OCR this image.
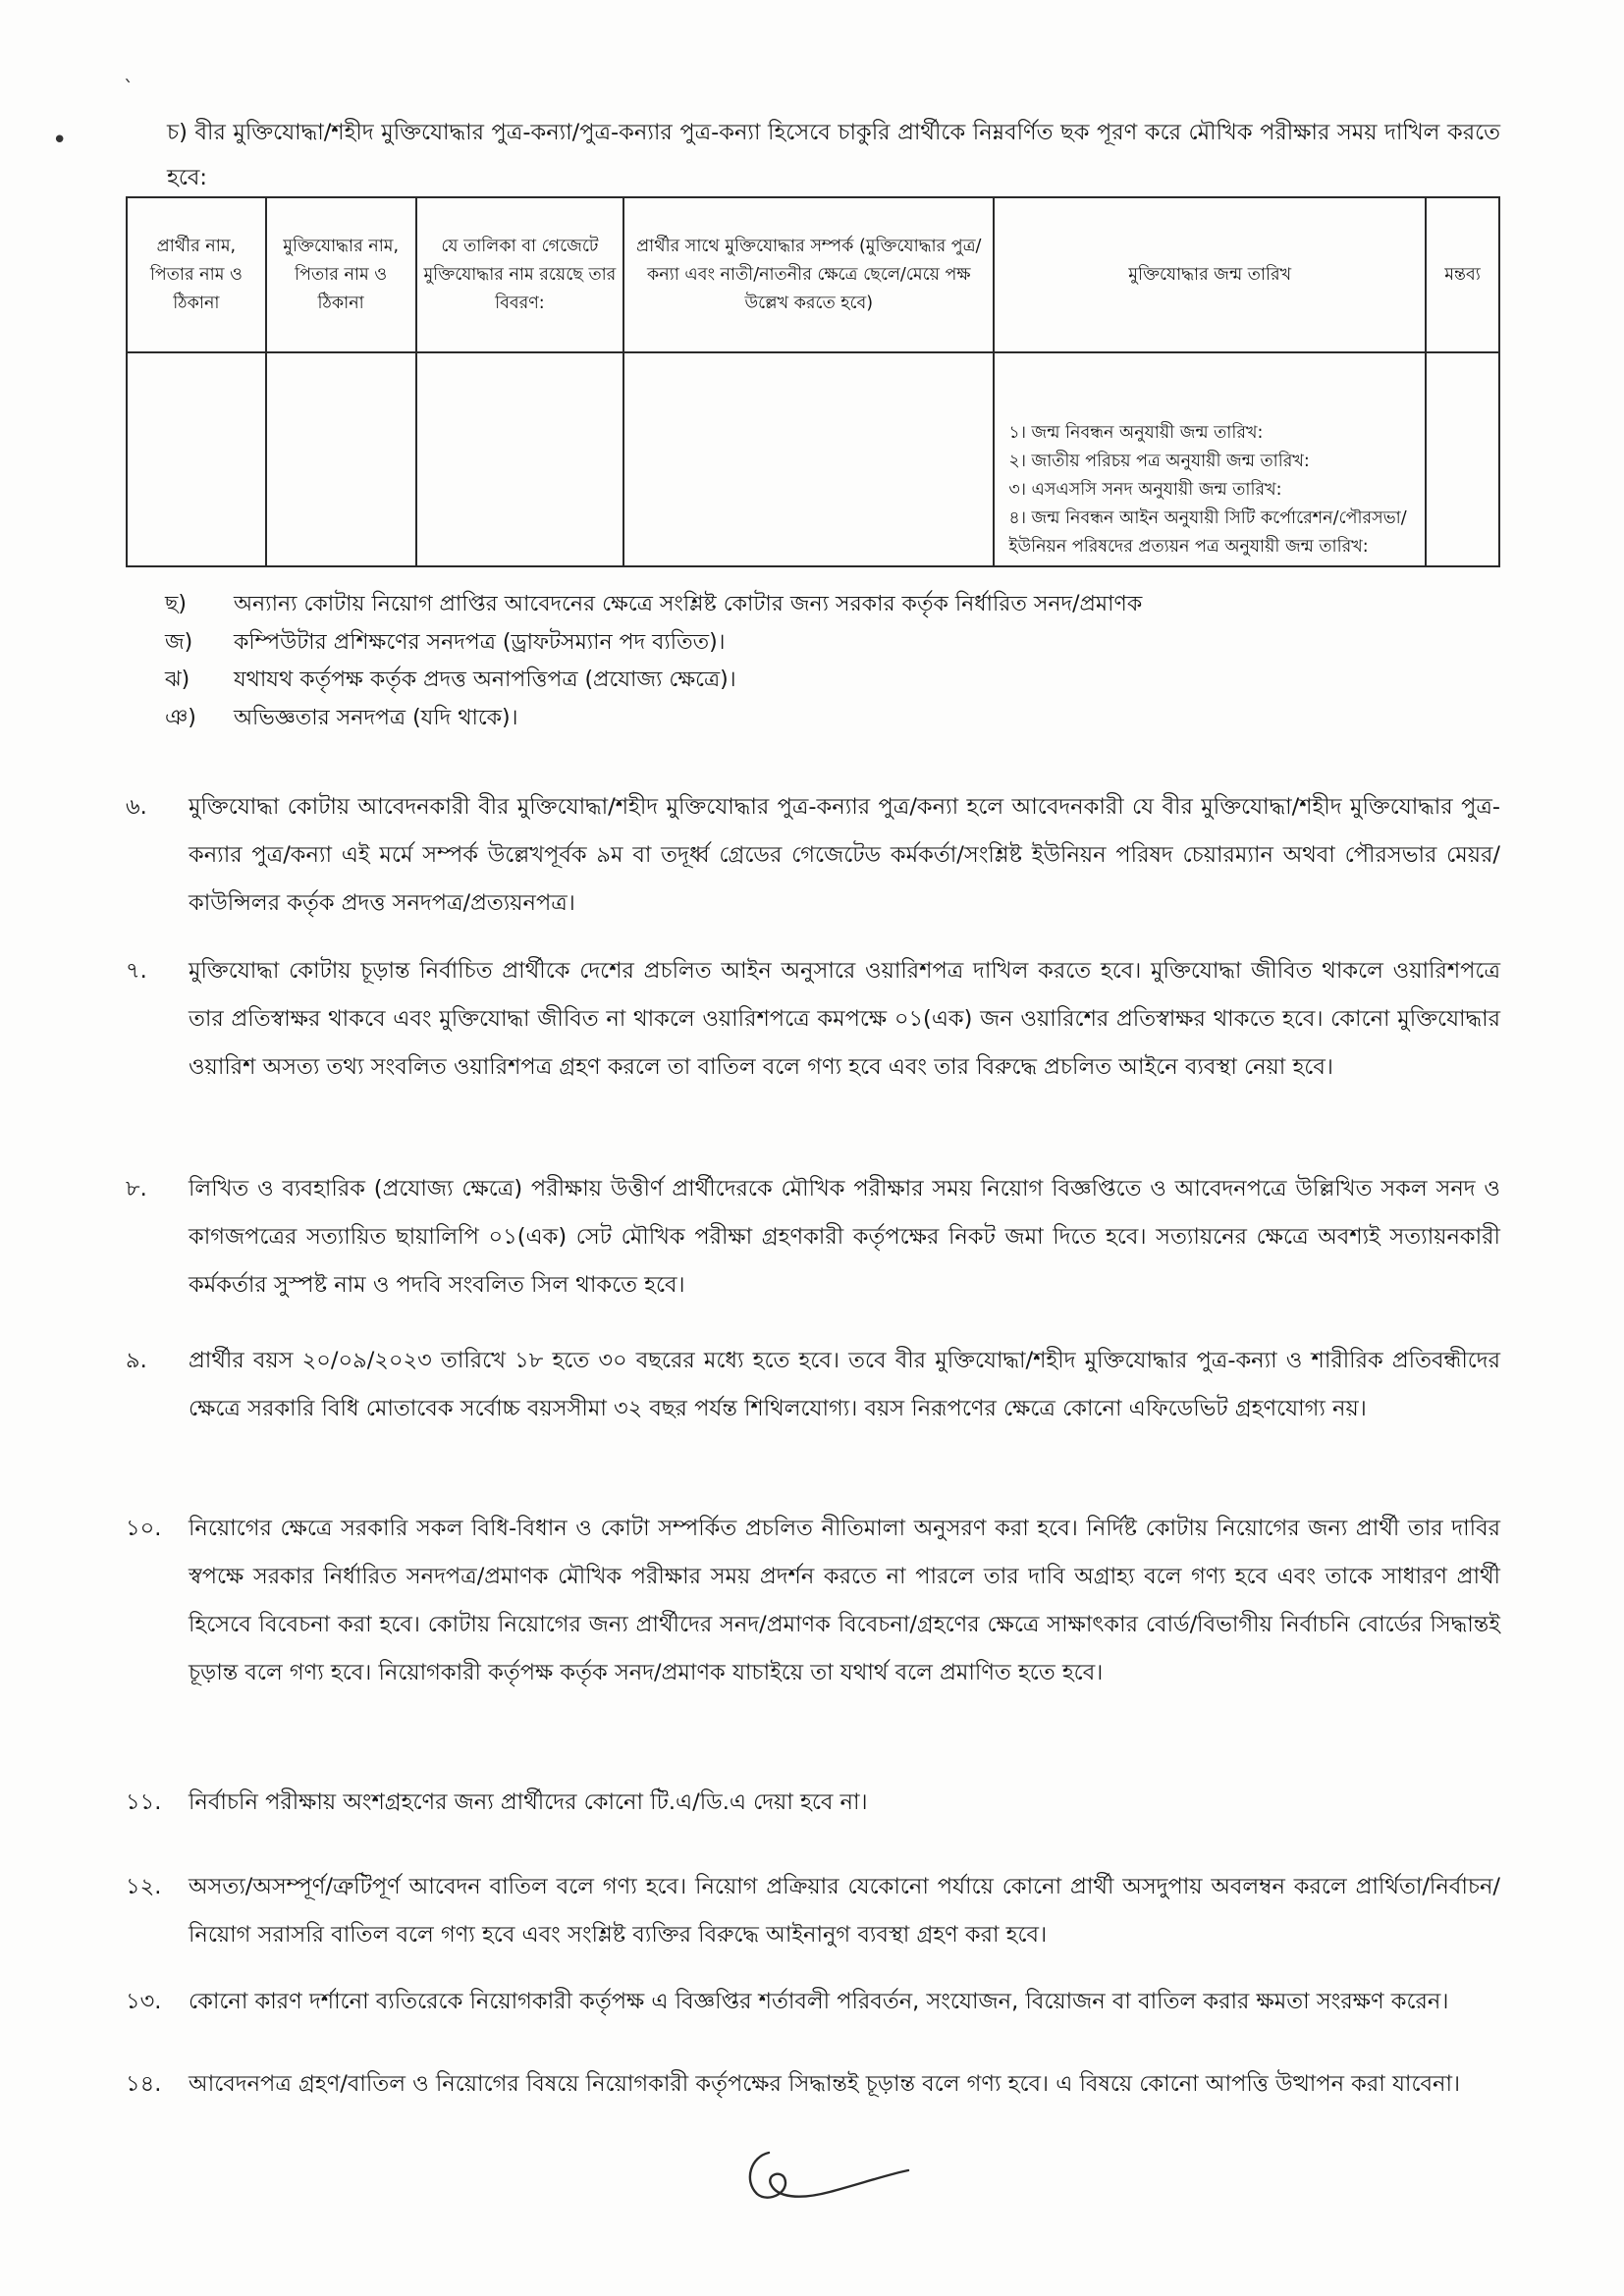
ˎ
•	চ) বীর মুক্তিযোদ্ধা/শহীদ মুক্তিযোদ্ধার পুত্র-কন্যা/পুত্র-কন্যার পুত্র-কন্যা হিসেবে চাকুরি প্রার্থীকে নিম্নবর্ণিত ছক পূরণ করে মৌখিক পরীক্ষার সময় দাখিল করতে হবে:
প্রার্থীর নাম, পিতার নাম ও ঠিকানা	মুক্তিযোদ্ধার নাম, পিতার নাম ও ঠিকানা	যে তালিকা বা গেজেটে মুক্তিযোদ্ধার নাম রয়েছে তার বিবরণ:	প্রার্থীর সাথে মুক্তিযোদ্ধার সম্পর্ক (মুক্তিযোদ্ধার পুত্র/কন্যা এবং নাতী/নাতনীর ক্ষেত্রে ছেলে/মেয়ে পক্ষ উল্লেখ করতে হবে)	মুক্তিযোদ্ধার জন্ম তারিখ	মন্তব্য

				১। জন্ম নিবন্ধন অনুযায়ী জন্ম তারিখ:
২। জাতীয় পরিচয় পত্র অনুযায়ী জন্ম তারিখ:
৩। এসএসসি সনদ অনুযায়ী জন্ম তারিখ:
৪। জন্ম নিবন্ধন আইন অনুযায়ী সিটি কর্পোরেশন/পৌরসভা/ইউনিয়ন পরিষদের প্রত্যয়ন পত্র অনুযায়ী জন্ম তারিখ:	

ছ)	অন্যান্য কোটায় নিয়োগ প্রাপ্তির আবেদনের ক্ষেত্রে সংশ্লিষ্ট কোটার জন্য সরকার কর্তৃক নির্ধারিত সনদ/প্রমাণক
জ)	কম্পিউটার প্রশিক্ষণের সনদপত্র (ড্রাফটসম্যান পদ ব্যতিত)।
ঝ)	যথাযথ কর্তৃপক্ষ কর্তৃক প্রদত্ত অনাপত্তিপত্র (প্রযোজ্য ক্ষেত্রে)।
ঞ)	অভিজ্ঞতার সনদপত্র (যদি থাকে)।
৬.	মুক্তিযোদ্ধা কোটায় আবেদনকারী বীর মুক্তিযোদ্ধা/শহীদ মুক্তিযোদ্ধার পুত্র-কন্যার পুত্র/কন্যা হলে আবেদনকারী যে বীর মুক্তিযোদ্ধা/শহীদ মুক্তিযোদ্ধার পুত্র-কন্যার পুত্র/কন্যা এই মর্মে সম্পর্ক উল্লেখপূর্বক ৯ম বা তদূর্ধ্ব গ্রেডের গেজেটেড কর্মকর্তা/সংশ্লিষ্ট ইউনিয়ন পরিষদ চেয়ারম্যান অথবা পৌরসভার মেয়র/কাউন্সিলর কর্তৃক প্রদত্ত সনদপত্র/প্রত্যয়নপত্র।
৭.	মুক্তিযোদ্ধা কোটায় চূড়ান্ত নির্বাচিত প্রার্থীকে দেশের প্রচলিত আইন অনুসারে ওয়ারিশপত্র দাখিল করতে হবে। মুক্তিযোদ্ধা জীবিত থাকলে ওয়ারিশপত্রে তার প্রতিস্বাক্ষর থাকবে এবং মুক্তিযোদ্ধা জীবিত না থাকলে ওয়ারিশপত্রে কমপক্ষে ০১(এক) জন ওয়ারিশের প্রতিস্বাক্ষর থাকতে হবে। কোনো মুক্তিযোদ্ধার ওয়ারিশ অসত্য তথ্য সংবলিত ওয়ারিশপত্র গ্রহণ করলে তা বাতিল বলে গণ্য হবে এবং তার বিরুদ্ধে প্রচলিত আইনে ব্যবস্থা নেয়া হবে।
৮.	লিখিত ও ব্যবহারিক (প্রযোজ্য ক্ষেত্রে) পরীক্ষায় উত্তীর্ণ প্রার্থীদেরকে মৌখিক পরীক্ষার সময় নিয়োগ বিজ্ঞপ্তিতে ও আবেদনপত্রে উল্লিখিত সকল সনদ ও কাগজপত্রের সত্যায়িত ছায়ালিপি ০১(এক) সেট মৌখিক পরীক্ষা গ্রহণকারী কর্তৃপক্ষের নিকট জমা দিতে হবে। সত্যায়নের ক্ষেত্রে অবশ্যই সত্যায়নকারী কর্মকর্তার সুস্পষ্ট নাম ও পদবি সংবলিত সিল থাকতে হবে।
৯.	প্রার্থীর বয়স ২০/০৯/২০২৩ তারিখে ১৮ হতে ৩০ বছরের মধ্যে হতে হবে। তবে বীর মুক্তিযোদ্ধা/শহীদ মুক্তিযোদ্ধার পুত্র-কন্যা ও শারীরিক প্রতিবন্ধীদের ক্ষেত্রে সরকারি বিধি মোতাবেক সর্বোচ্চ বয়সসীমা ৩২ বছর পর্যন্ত শিথিলযোগ্য। বয়স নিরূপণের ক্ষেত্রে কোনো এফিডেভিট গ্রহণযোগ্য নয়।
১০.	নিয়োগের ক্ষেত্রে সরকারি সকল বিধি-বিধান ও কোটা সম্পর্কিত প্রচলিত নীতিমালা অনুসরণ করা হবে। নির্দিষ্ট কোটায় নিয়োগের জন্য প্রার্থী তার দাবির স্বপক্ষে সরকার নির্ধারিত সনদপত্র/প্রমাণক মৌখিক পরীক্ষার সময় প্রদর্শন করতে না পারলে তার দাবি অগ্রাহ্য বলে গণ্য হবে এবং তাকে সাধারণ প্রার্থী হিসেবে বিবেচনা করা হবে। কোটায় নিয়োগের জন্য প্রার্থীদের সনদ/প্রমাণক বিবেচনা/গ্রহণের ক্ষেত্রে সাক্ষাৎকার বোর্ড/বিভাগীয় নির্বাচনি বোর্ডের সিদ্ধান্তই চূড়ান্ত বলে গণ্য হবে। নিয়োগকারী কর্তৃপক্ষ কর্তৃক সনদ/প্রমাণক যাচাইয়ে তা যথার্থ বলে প্রমাণিত হতে হবে।
১১.	নির্বাচনি পরীক্ষায় অংশগ্রহণের জন্য প্রার্থীদের কোনো টি.এ/ডি.এ দেয়া হবে না।
১২.	অসত্য/অসম্পূর্ণ/ত্রুটিপূর্ণ আবেদন বাতিল বলে গণ্য হবে। নিয়োগ প্রক্রিয়ার যেকোনো পর্যায়ে কোনো প্রার্থী অসদুপায় অবলম্বন করলে প্রার্থিতা/নির্বাচন/নিয়োগ সরাসরি বাতিল বলে গণ্য হবে এবং সংশ্লিষ্ট ব্যক্তির বিরুদ্ধে আইনানুগ ব্যবস্থা গ্রহণ করা হবে।
১৩.	কোনো কারণ দর্শানো ব্যতিরেকে নিয়োগকারী কর্তৃপক্ষ এ বিজ্ঞপ্তির শর্তাবলী পরিবর্তন, সংযোজন, বিয়োজন বা বাতিল করার ক্ষমতা সংরক্ষণ করেন।
১৪.	আবেদনপত্র গ্রহণ/বাতিল ও নিয়োগের বিষয়ে নিয়োগকারী কর্তৃপক্ষের সিদ্ধান্তই চূড়ান্ত বলে গণ্য হবে। এ বিষয়ে কোনো আপত্তি উত্থাপন করা যাবেনা।
